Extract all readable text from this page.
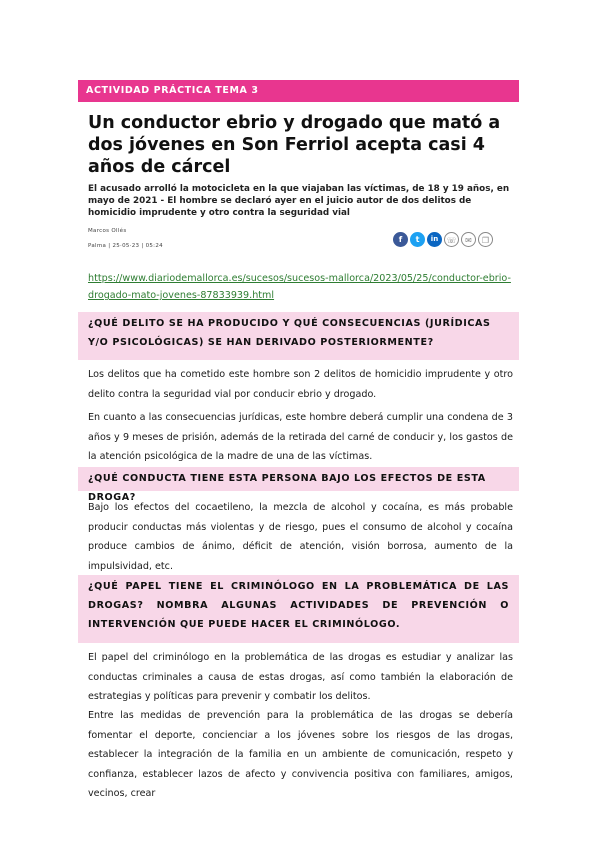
ACTIVIDAD PRÁCTICA TEMA 3
Un conductor ebrio y drogado que mató a dos jóvenes en Son Ferriol acepta casi 4 años de cárcel
El acusado arrolló la motocicleta en la que viajaban las víctimas, de 18 y 19 años, en mayo de 2021 - El hombre se declaró ayer en el juicio autor de dos delitos de homicidio imprudente y otro contra la seguridad vial
Marcos Ollés
Palma | 25·05·23 | 05:24
f	t	in	☏	✉	❐
https://www.diariodemallorca.es/sucesos/sucesos-mallorca/2023/05/25/conductor-ebrio-drogado-mato-jovenes-87833939.html
¿QUÉ DELITO SE HA PRODUCIDO Y QUÉ CONSECUENCIAS (JURÍDICAS Y/O PSICOLÓGICAS) SE HAN DERIVADO POSTERIORMENTE?
Los delitos que ha cometido este hombre son 2 delitos de homicidio imprudente y otro delito contra la seguridad vial por conducir ebrio y drogado.
En cuanto a las consecuencias jurídicas, este hombre deberá cumplir una condena de 3 años y 9 meses de prisión, además de la retirada del carné de conducir y, los gastos de la atención psicológica de la madre de una de las víctimas.
¿QUÉ CONDUCTA TIENE ESTA PERSONA BAJO LOS EFECTOS DE ESTA DROGA?
Bajo los efectos del cocaetileno, la mezcla de alcohol y cocaína, es más probable producir conductas más violentas y de riesgo, pues el consumo de alcohol y cocaína produce cambios de ánimo, déficit de atención, visión borrosa, aumento de la impulsividad, etc.
¿QUÉ PAPEL TIENE EL CRIMINÓLOGO EN LA PROBLEMÁTICA DE LAS DROGAS? NOMBRA ALGUNAS ACTIVIDADES DE PREVENCIÓN O INTERVENCIÓN QUE PUEDE HACER EL CRIMINÓLOGO.
El papel del criminólogo en la problemática de las drogas es estudiar y analizar las conductas criminales a causa de estas drogas, así como también la elaboración de estrategias y políticas para prevenir y combatir los delitos.
Entre las medidas de prevención para la problemática de las drogas se debería fomentar el deporte, concienciar a los jóvenes sobre los riesgos de las drogas, establecer la integración de la familia en un ambiente de comunicación, respeto y confianza, establecer lazos de afecto y convivencia positiva con familiares, amigos, vecinos, crear
